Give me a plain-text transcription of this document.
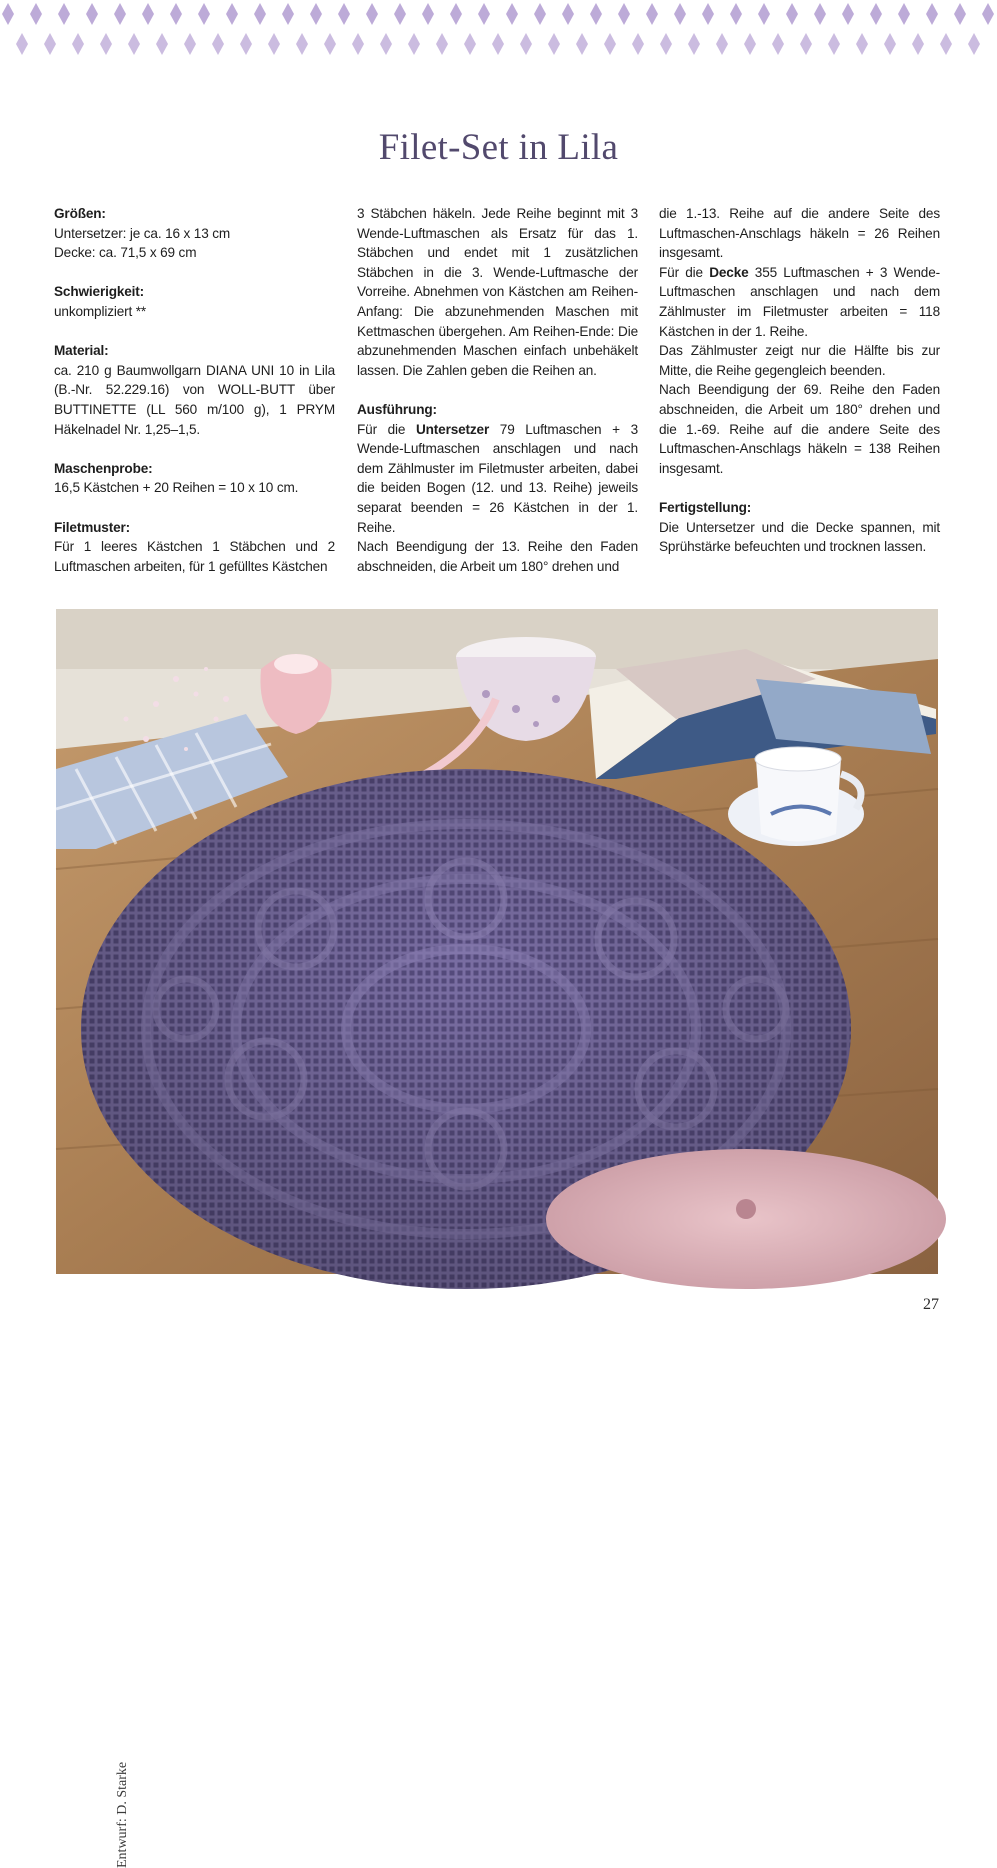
Filet-Set in Lila
Größen:

Untersetzer: je ca. 16 x 13 cm

Decke: ca. 71,5 x 69 cm

Schwierigkeit:

unkompliziert **

Material:

ca. 210 g Baumwollgarn DIANA UNI 10 in Lila (B.-Nr. 52.229.16) von WOLL-BUTT über BUTTINETTE (LL 560 m/100 g), 1 PRYM Häkelnadel Nr. 1,25–1,5.

Maschenprobe:

16,5 Kästchen + 20 Reihen = 10 x 10 cm.

Filetmuster:

Für 1 leeres Kästchen 1 Stäbchen und 2 Luftmaschen arbeiten, für 1 gefülltes Kästchen

3 Stäbchen häkeln. Jede Reihe beginnt mit 3 Wende-Luftmaschen als Ersatz für das 1. Stäbchen und endet mit 1 zusätzlichen Stäbchen in die 3. Wende-Luftmasche der Vorreihe. Abnehmen von Kästchen am Reihen-Anfang: Die abzunehmenden Maschen mit Kettmaschen übergehen. Am Reihen-Ende: Die abzunehmenden Maschen einfach unbehäkelt lassen. Die Zahlen geben die Reihen an.

Ausführung:

Für die Untersetzer 79 Luftmaschen + 3 Wende-Luftmaschen anschlagen und nach dem Zählmuster im Filetmuster arbeiten, dabei die beiden Bogen (12. und 13. Reihe) jeweils separat beenden = 26 Kästchen in der 1. Reihe.

Nach Beendigung der 13. Reihe den Faden abschneiden, die Arbeit um 180° drehen und

die 1.-13. Reihe auf die andere Seite des Luftmaschen-Anschlags häkeln = 26 Reihen insgesamt.

Für die Decke 355 Luftmaschen + 3 Wende-Luftmaschen anschlagen und nach dem Zählmuster im Filetmuster arbeiten = 118 Kästchen in der 1. Reihe.

Das Zählmuster zeigt nur die Hälfte bis zur Mitte, die Reihe gegengleich beenden.

Nach Beendigung der 69. Reihe den Faden abschneiden, die Arbeit um 180° drehen und die 1.-69. Reihe auf die andere Seite des Luftmaschen-Anschlags häkeln = 138 Reihen insgesamt.

Fertigstellung:

Die Untersetzer und die Decke spannen, mit Sprühstärke befeuchten und trocknen lassen.

Entwurf: D. Starke
27
